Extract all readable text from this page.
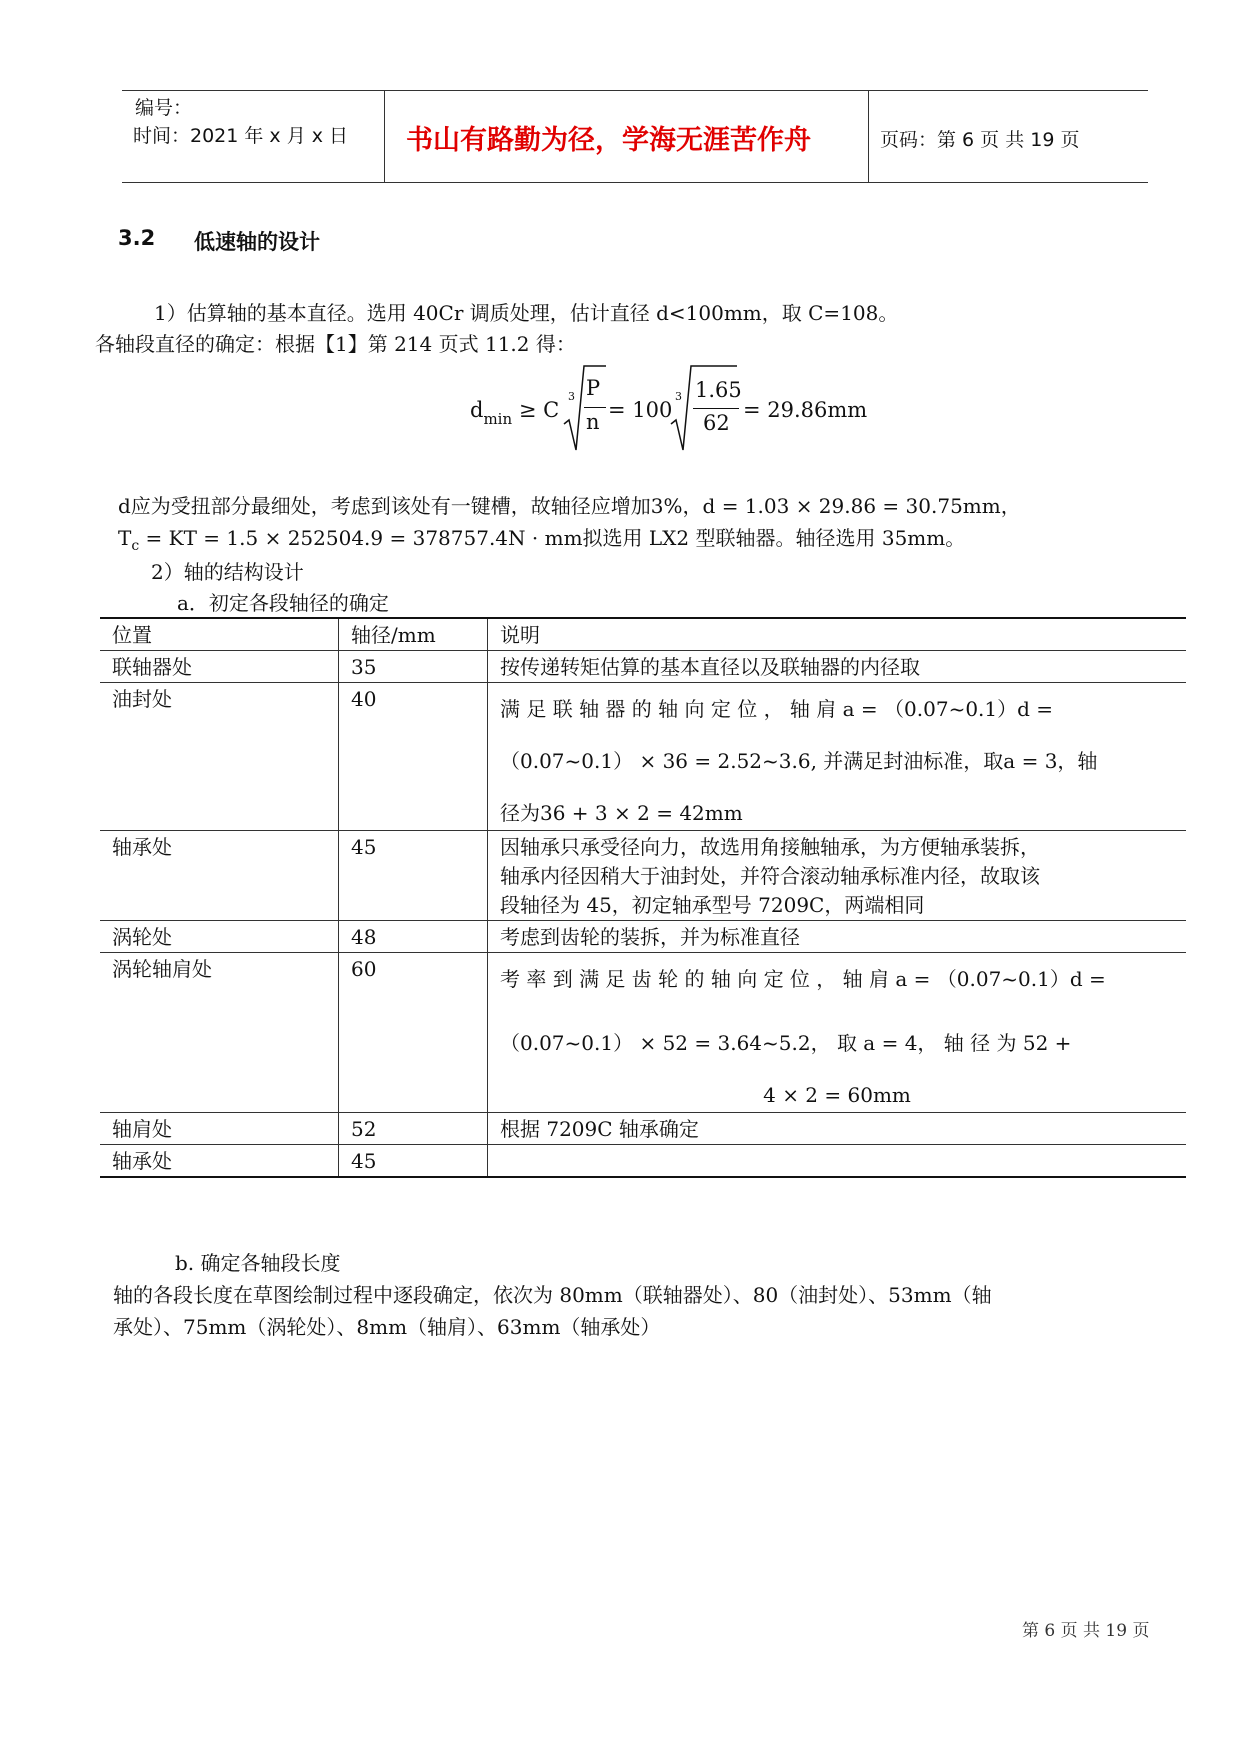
编号：
时间：2021 年 x 月 x 日 书山有路勤为径，学海无涯苦作舟	页码：第 6 页 共 19 页
3.2 低速轴的设计
1）估算轴的基本直径。选用 40Cr 调质处理，估计直径 d<100mm，取 C=108。
各轴段直径的确定：根据【1】第 214 页式 11.2 得：
$d_{min} \ge C$
3 P
n = 100
3 1.65
62
= 29.86mm
d应为受扭部分最细处，考虑到该处有一键槽，故轴径应增加3%，d = 1.03 × 29.86 = 30.75mm，
$T_c$ = KT = 1.5 × 252504.9 = 378757.4N · mm拟选用 LX2 型联轴器。轴径选用 35mm。
2）轴的结构设计
a．初定各段轴径的确定
位置	轴径/mm	说明
联轴器处	35	按传递转矩估算的基本直径以及联轴器的内径取

油封处	40	满 足 联 轴 器 的 轴 向 定 位 ， 轴 肩 a = （0.07~0.1）d =
（0.07~0.1） × 36 = 2.52~3.6, 并满足封油标准，取a = 3，轴
径为36 + 3 × 2 = 42mm

轴承处	45	因轴承只承受径向力，故选用角接触轴承，为方便轴承装拆，
轴承内径因稍大于油封处，并符合滚动轴承标准内径，故取该
段轴径为 45，初定轴承型号 7209C，两端相同

涡轮处	48	考虑到齿轮的装拆，并为标准直径

涡轮轴肩处	60	考 率 到 满 足 齿 轮 的 轴 向 定 位 ， 轴 肩 a = （0.07~0.1）d =
（0.07~0.1） × 52 = 3.64~5.2， 取 a = 4， 轴 径 为 52 +
4 × 2 = 60mm

轴肩处	52	根据 7209C 轴承确定

轴承处	45	
b. 确定各轴段长度
轴的各段长度在草图绘制过程中逐段确定，依次为 80mm（联轴器处）、80（油封处）、53mm（轴
承处）、75mm（涡轮处）、8mm（轴肩）、63mm（轴承处）
第 6 页 共 19 页
